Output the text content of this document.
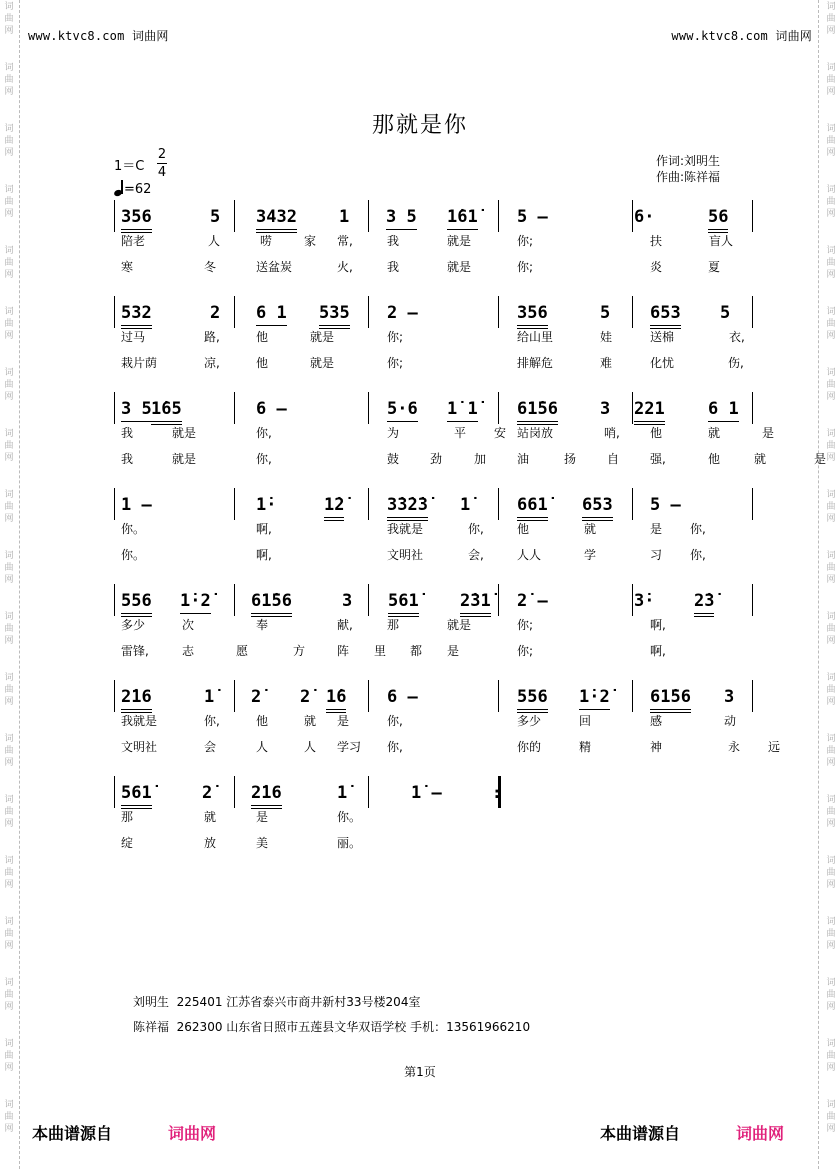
词
曲
网
词
曲
网
词
曲
网
词
曲
网
词
曲
网
词
曲
网
词
曲
网
词
曲
网
词
曲
网
词
曲
网
词
曲
网
词
曲
网
词
曲
网
词
曲
网
词
曲
网
词
曲
网
词
曲
网
词
曲
网
词
曲
网
词
曲
网
词
曲
网
词
曲
网
词
曲
网
词
曲
网
词
曲
网
词
曲
网
词
曲
网
词
曲
网
词
曲
网
词
曲
网
词
曲
网
词
曲
网
词
曲
网
词
曲
网
词
曲
网
词
曲
网
词
曲
网
词
曲
网
www.ktvc8.com 词曲网	www.ktvc8.com 词曲网
那就是你
1＝C
2
4
=62
作词:刘明生
作曲:陈祥福
356	5 3432 1 3 5 1̇61̇ 5 –	6·	56
陪老	人	唠	家 常,	我	就是	你;	扶	盲人
寒	冬	送盆炭	火,	我	就是	你;	炎	夏
532	2 6 1 535 2 –	356	5 653 5
过马	路,	他	就是	你;	给山里	娃	送棉	衣,
栽片荫	凉,	他	就是	你;	排解危	难	化忧	伤,
3 5 1̇65	6 –	5·6 1̇ 1̇ 61̇56 3 221	6 1
我	就是	你,	为	平 安 站岗放	哨,	他	就	是
我	就是	你,	鼓	劲	加	油	扬	自	强,	他	就	是
1 –	1̇·	1̇2̇	3̇3̇2̇3̇ 1̇	661̇ 653 5 –
你。	啊,	我就是	你,	他	就	是 你,
你。	啊,	文明社	会,	人人	学	习 你,
556 1̇·2̇ 61̇56	3 561̇ 2̇31̇ 2̇ –	3̇· 2̇3̇
多少	次	奉	献,	那	就是	你;	啊,
雷锋,	志	愿	方	阵 里 都 是	你;	啊,
2̇16	1̇ 2̇ 2̇ 1̇6 6 –	556 1̇·2̇ 61̇56 3
我就是	你,	他	就 是	你,	多少	回	感	动
文明社	会	人	人 学习 你,	你的	精	神	永 远
561̇	2̇ 2̇16	1̇	1̇ –	:
那	就	是	你。
绽	放	美	丽。
刘明生 225401 江苏省泰兴市商井新村33号楼204室
陈祥福 262300 山东省日照市五莲县文华双语学校 手机：13561966210
第1页
本曲谱源自	词曲网	本曲谱源自	词曲网
